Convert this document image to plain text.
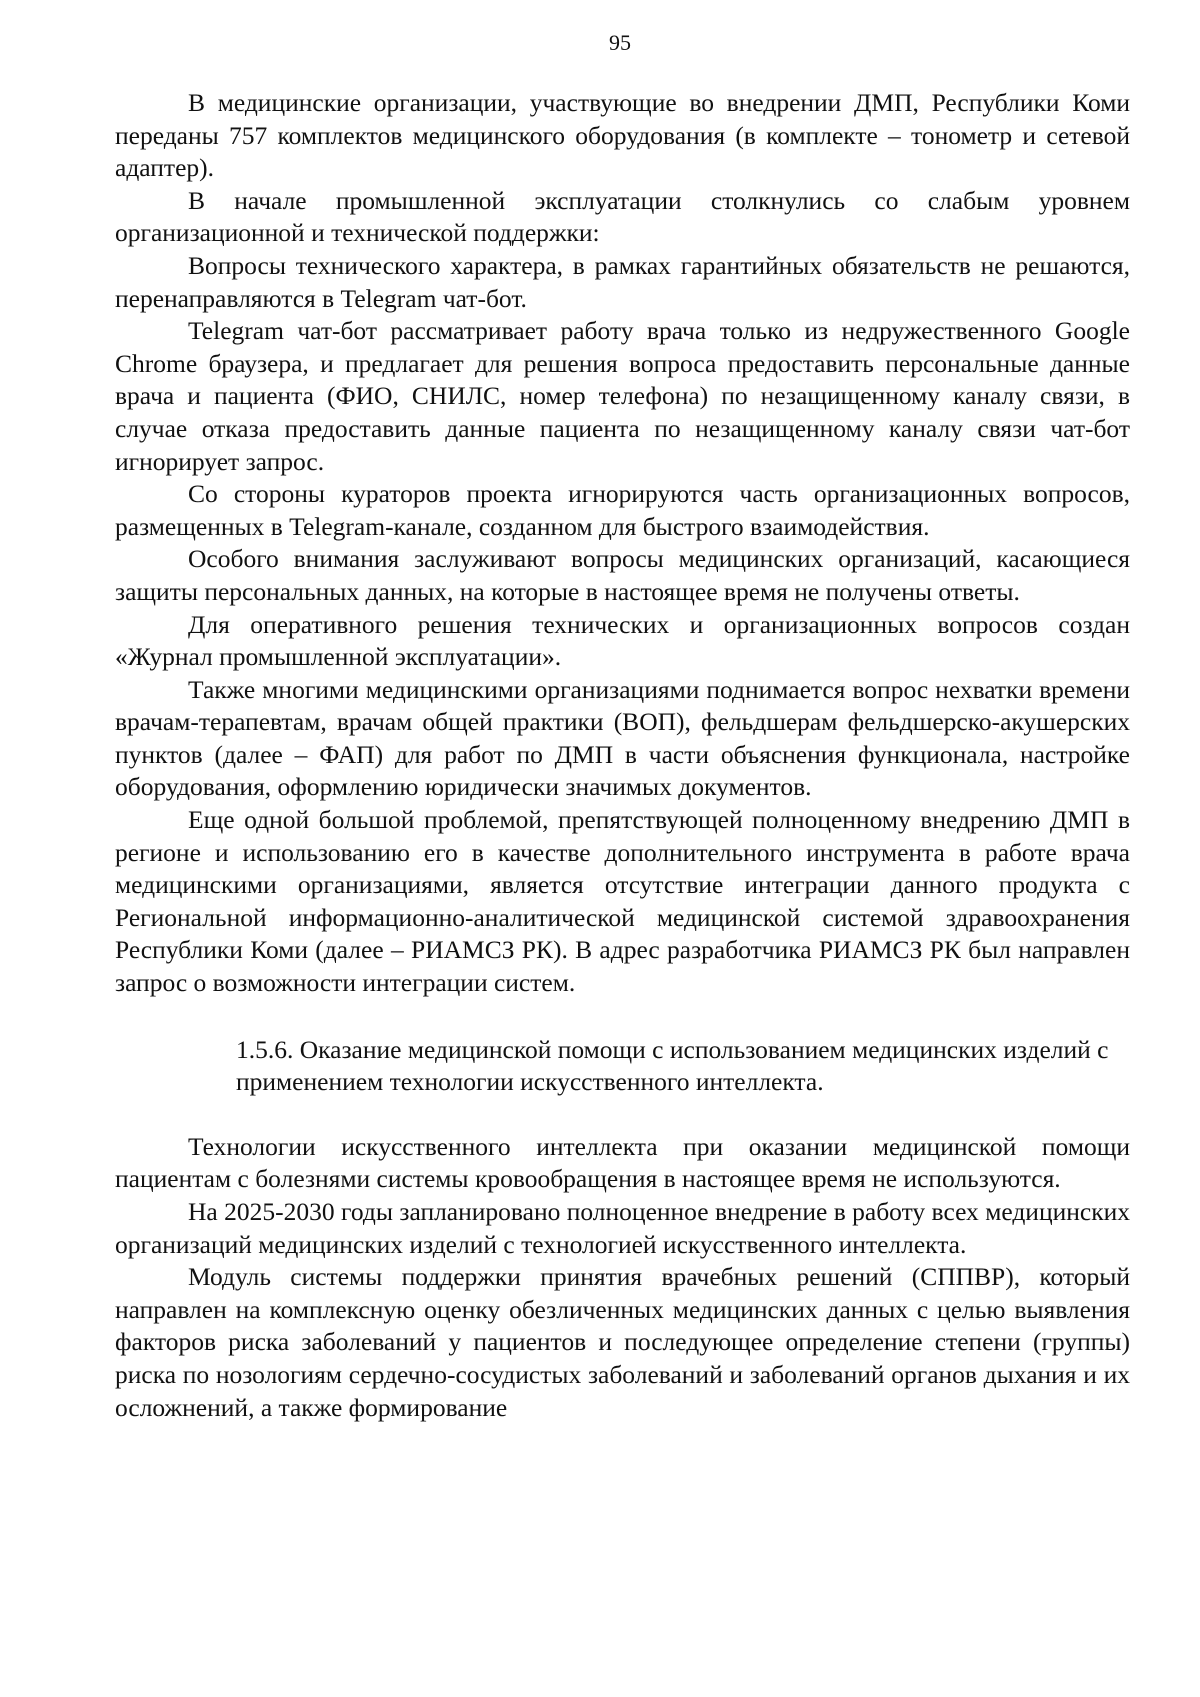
95

В медицинские организации, участвующие во внедрении ДМП, Республики Коми переданы 757 комплектов медицинского оборудования (в комплекте – тонометр и сетевой адаптер).

В начале промышленной эксплуатации столкнулись со слабым уровнем организационной и технической поддержки:

Вопросы технического характера, в рамках гарантийных обязательств не решаются, перенаправляются в Telegram чат-бот.

Telegram чат-бот рассматривает работу врача только из недружественного Google Chrome браузера, и предлагает для решения вопроса предоставить персональные данные врача и пациента (ФИО, СНИЛС, номер телефона) по незащищенному каналу связи, в случае отказа предоставить данные пациента по незащищенному каналу связи чат-бот игнорирует запрос.

Со стороны кураторов проекта игнорируются часть организационных вопросов, размещенных в Telegram-канале, созданном для быстрого взаимодействия.

Особого внимания заслуживают вопросы медицинских организаций, касающиеся защиты персональных данных, на которые в настоящее время не получены ответы.

Для оперативного решения технических и организационных вопросов создан «Журнал промышленной эксплуатации».

Также многими медицинскими организациями поднимается вопрос нехватки времени врачам-терапевтам, врачам общей практики (ВОП), фельдшерам фельдшерско-акушерских пунктов (далее – ФАП) для работ по ДМП в части объяснения функционала, настройке оборудования, оформлению юридически значимых документов.

Еще одной большой проблемой, препятствующей полноценному внедрению ДМП в регионе и использованию его в качестве дополнительного инструмента в работе врача медицинскими организациями, является отсутствие интеграции данного продукта с Региональной информационно-аналитической медицинской системой здравоохранения Республики Коми (далее – РИАМСЗ РК). В адрес разработчика РИАМСЗ РК был направлен запрос о возможности интеграции систем.

1.5.6. Оказание медицинской помощи с использованием медицинских изделий с применением технологии искусственного интеллекта.

Технологии искусственного интеллекта при оказании медицинской помощи пациентам с болезнями системы кровообращения в настоящее время не используются.

На 2025-2030 годы запланировано полноценное внедрение в работу всех медицинских организаций медицинских изделий с технологией искусственного интеллекта.

Модуль системы поддержки принятия врачебных решений (СППВР), который направлен на комплексную оценку обезличенных медицинских данных с целью выявления факторов риска заболеваний у пациентов и последующее определение степени (группы) риска по нозологиям сердечно-сосудистых заболеваний и заболеваний органов дыхания и их осложнений, а также формирование
